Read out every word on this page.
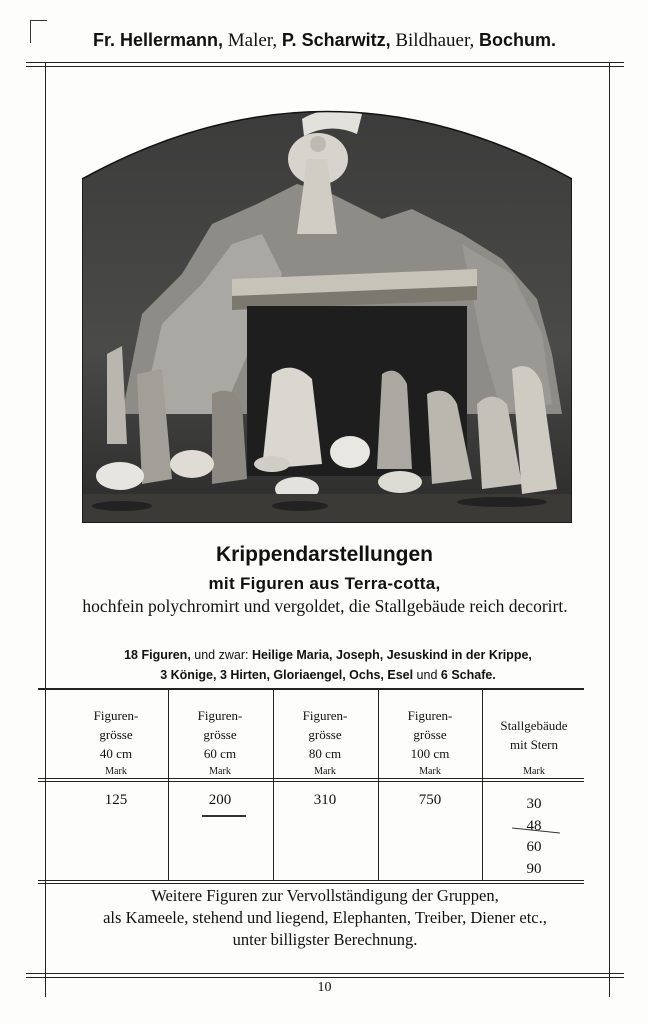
Fr. Hellermann, Maler, P. Scharwitz, Bildhauer, Bochum.
Krippendarstellungen
mit Figuren aus Terra-cotta,
hochfein polychromirt und vergoldet, die Stallgebäude reich decorirt.
18 Figuren, und zwar: Heilige Maria, Joseph, Jesuskind in der Krippe,
3 Könige, 3 Hirten, Gloriaengel, Ochs, Esel und 6 Schafe.
Figuren-
grösse
40 cm
Mark
125
Figuren-
grösse
60 cm
Mark
200
Figuren-
grösse
80 cm
Mark
310
Figuren-
grösse
100 cm
Mark
750
Stallgebäude
mit Stern
Mark
30
48
60
90
Weitere Figuren zur Vervollständigung der Gruppen,
als Kameele, stehend und liegend, Elephanten, Treiber, Diener etc.,
unter billigster Berechnung.
10
